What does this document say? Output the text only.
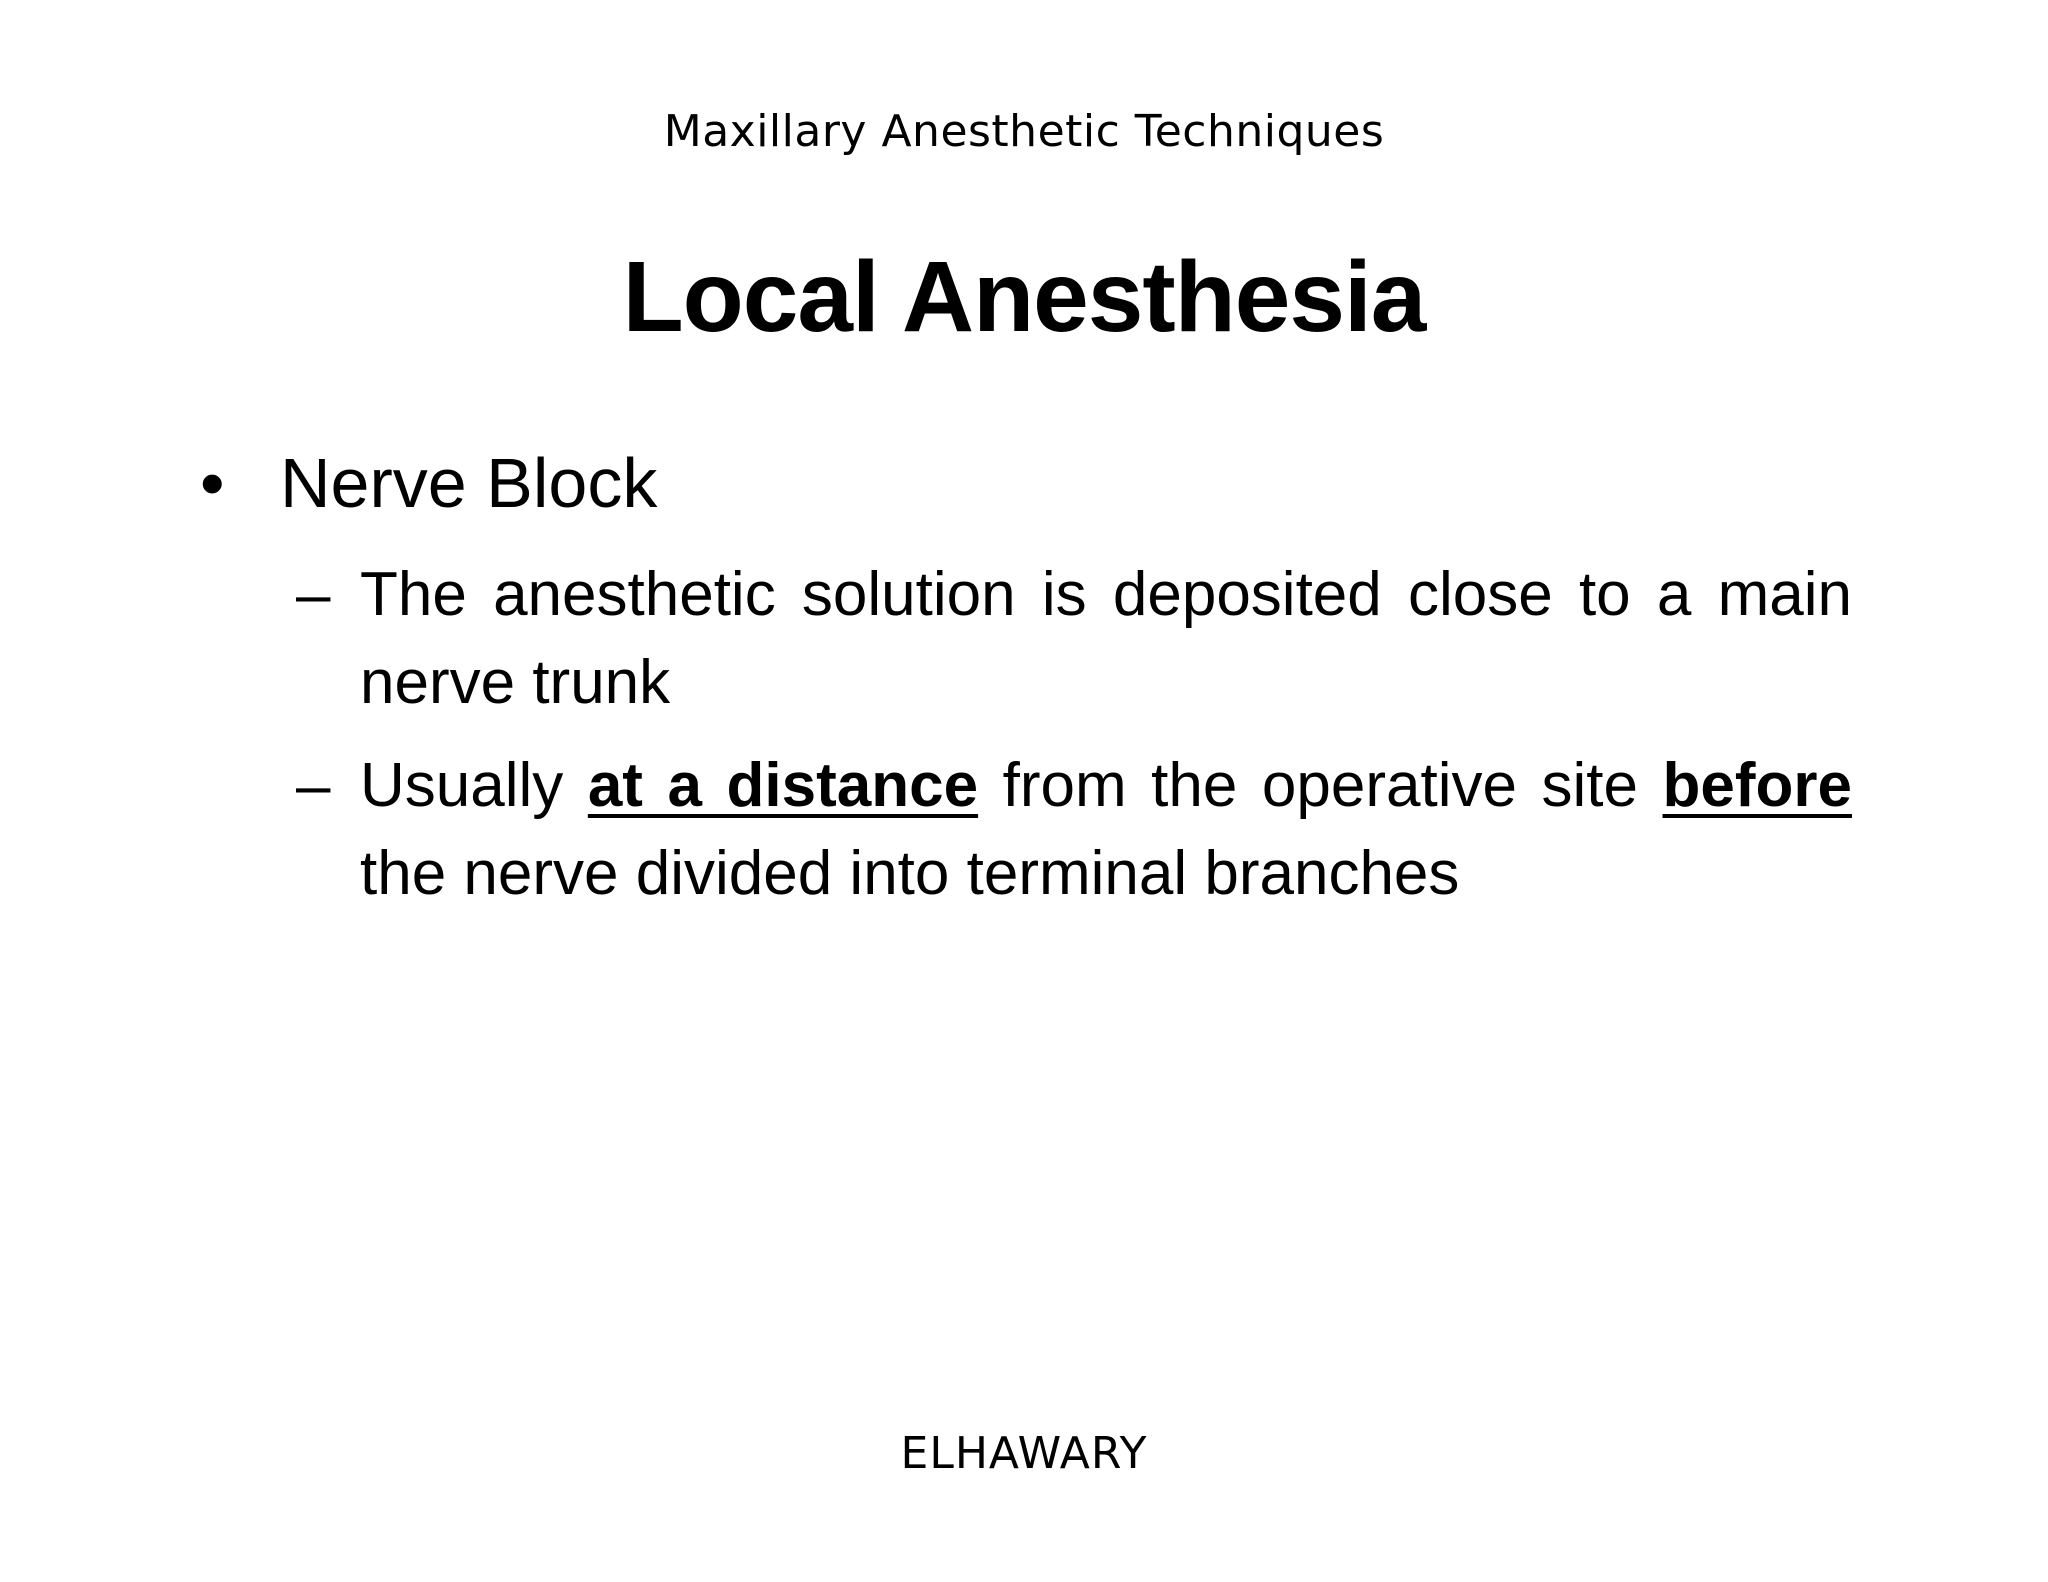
Maxillary Anesthetic Techniques
Local Anesthesia
• Nerve Block
– The anesthetic solution is deposited close to a main nerve trunk
– Usually at a distance from the operative site before the nerve divided into terminal branches
ELHAWARY
